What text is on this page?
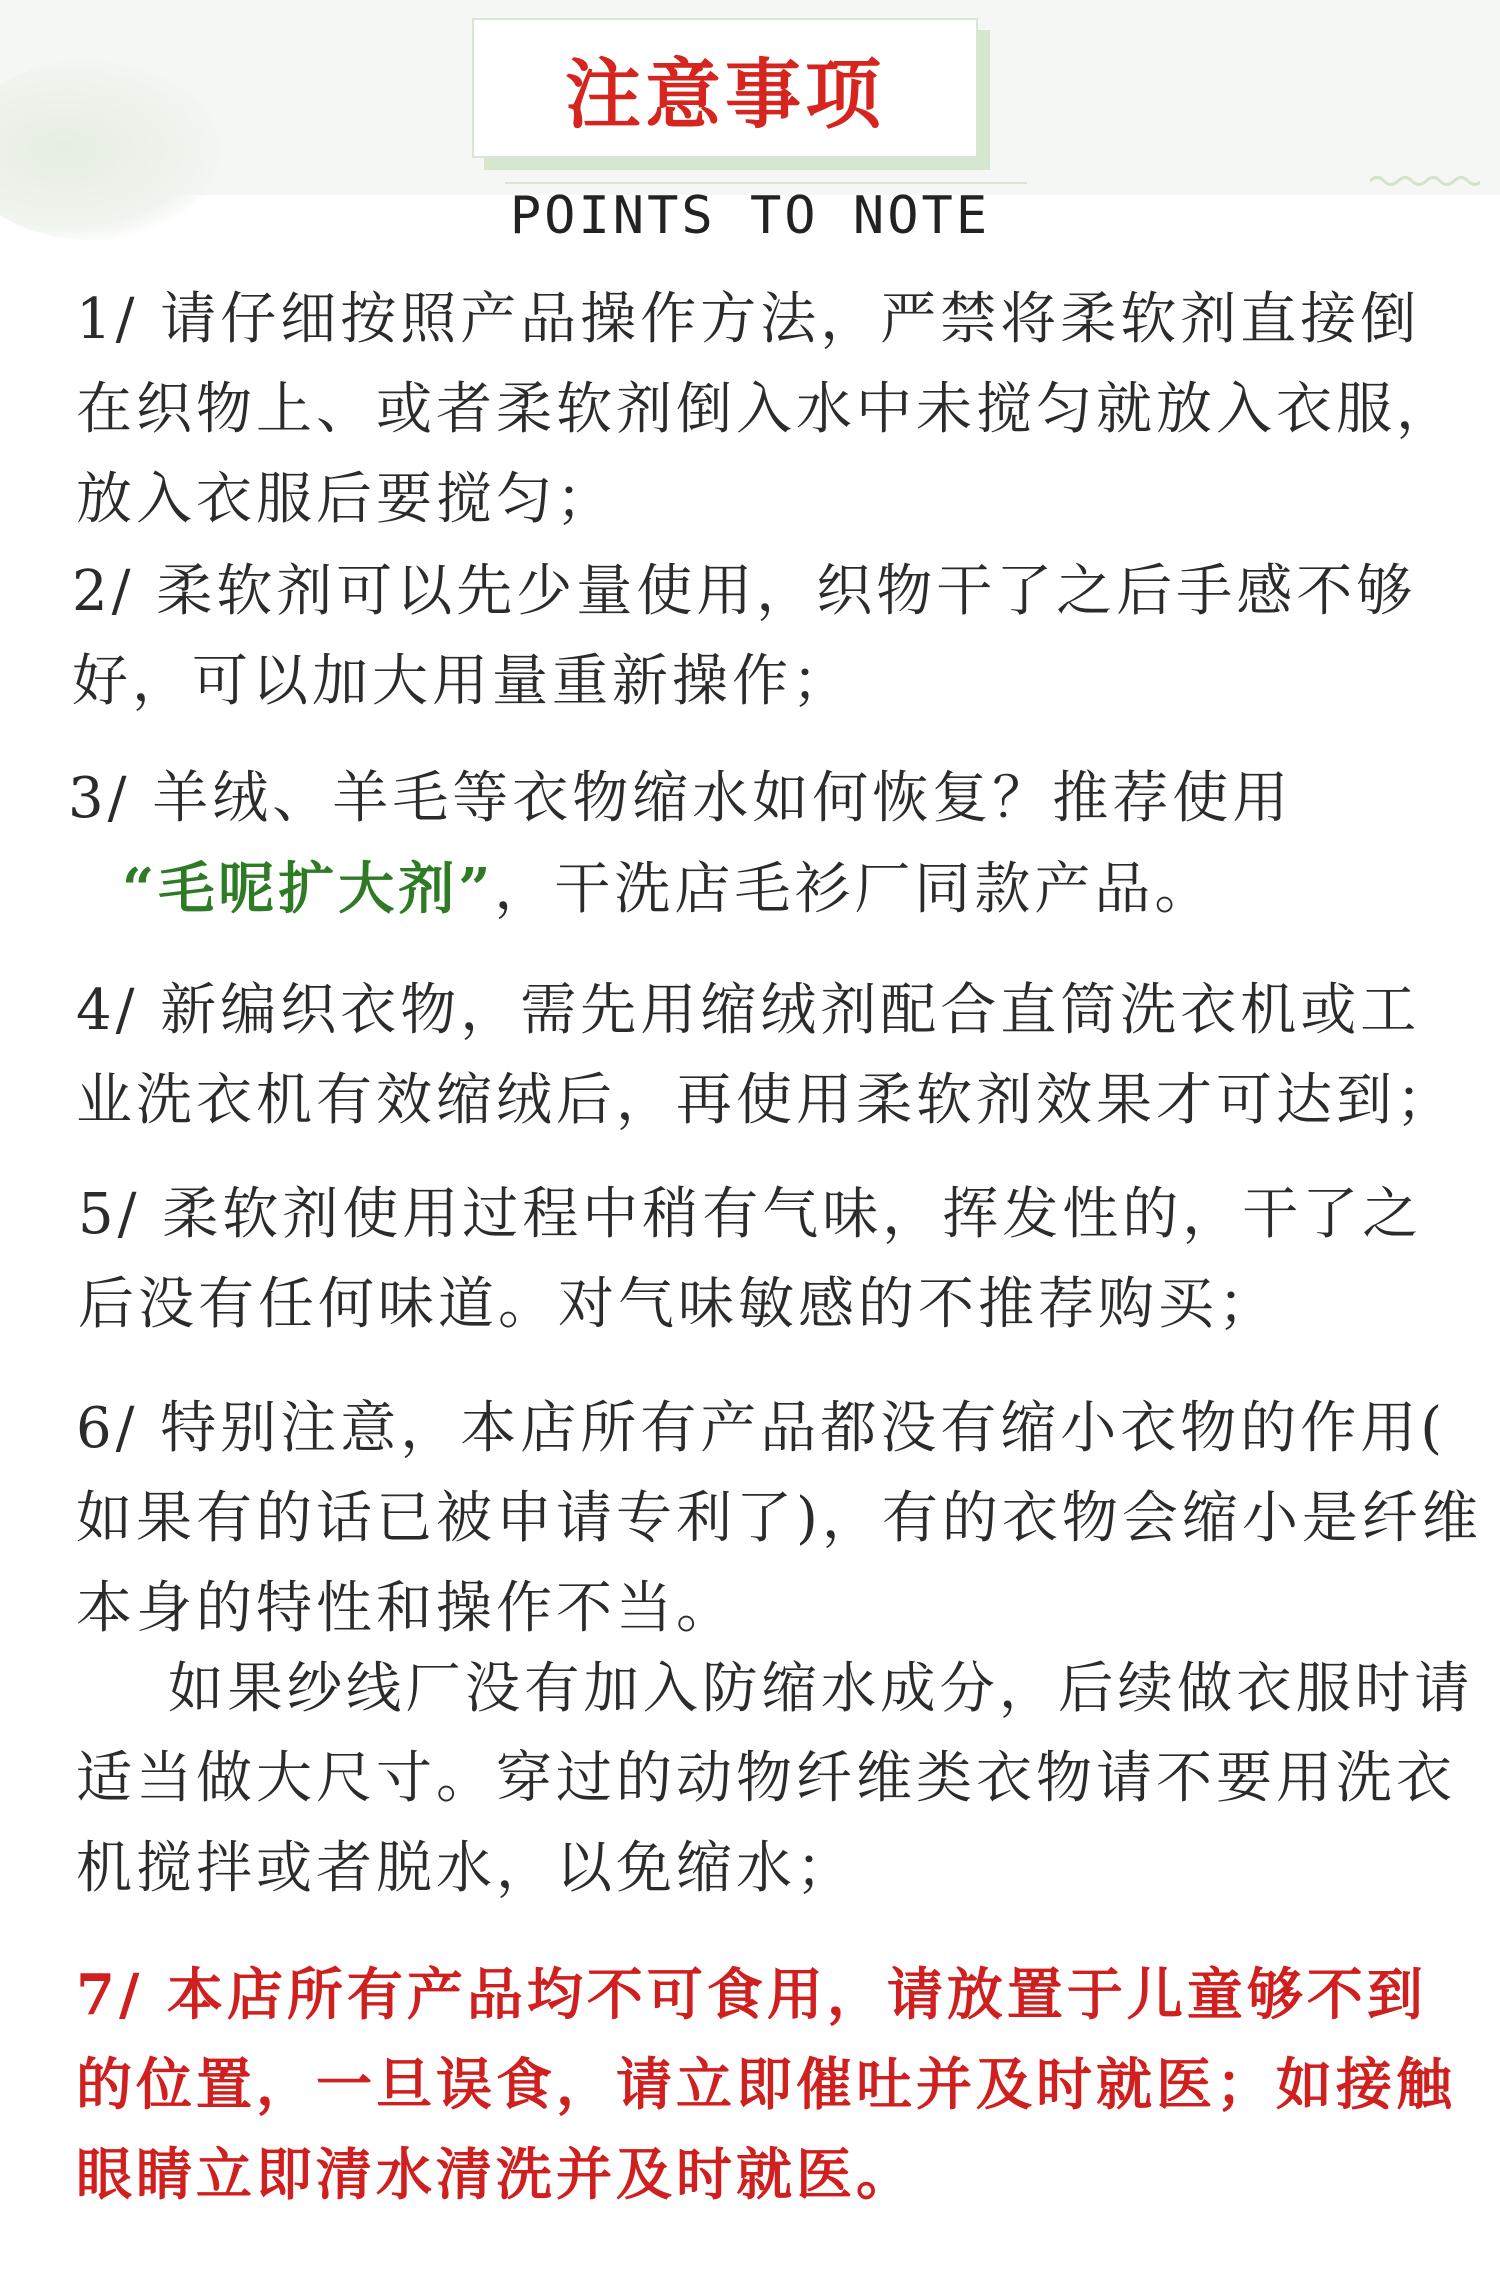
注意事项
POINTS TO NOTE
1/ 请仔细按照产品操作方法，严禁将柔软剂直接倒
在织物上、或者柔软剂倒入水中未搅匀就放入衣服，
放入衣服后要搅匀；
2/ 柔软剂可以先少量使用，织物干了之后手感不够
好，可以加大用量重新操作；
3/ 羊绒、羊毛等衣物缩水如何恢复？推荐使用
“毛呢扩大剂”，干洗店毛衫厂同款产品。
4/ 新编织衣物，需先用缩绒剂配合直筒洗衣机或工
业洗衣机有效缩绒后，再使用柔软剂效果才可达到；
5/ 柔软剂使用过程中稍有气味，挥发性的，干了之
后没有任何味道。对气味敏感的不推荐购买；
6/ 特别注意，本店所有产品都没有缩小衣物的作用(
如果有的话已被申请专利了)，有的衣物会缩小是纤维
本身的特性和操作不当。
如果纱线厂没有加入防缩水成分，后续做衣服时请
适当做大尺寸。穿过的动物纤维类衣物请不要用洗衣
机搅拌或者脱水，以免缩水；
7/ 本店所有产品均不可食用，请放置于儿童够不到
的位置，一旦误食，请立即催吐并及时就医；如接触
眼睛立即清水清洗并及时就医。
